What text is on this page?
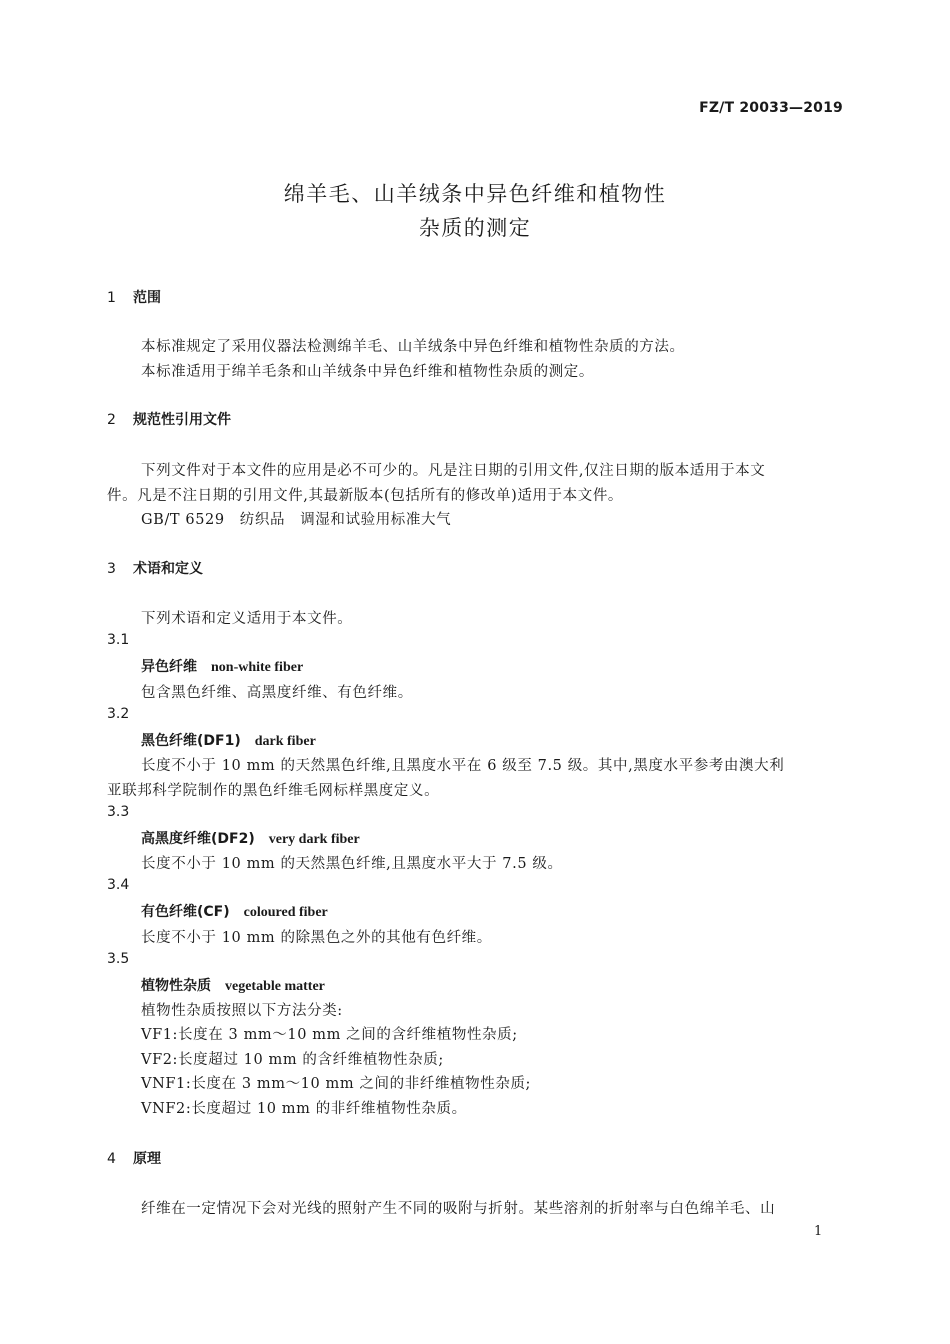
FZ/T 20033—2019
绵羊毛、山羊绒条中异色纤维和植物性
杂质的测定
1 范围
本标准规定了采用仪器法检测绵羊毛、山羊绒条中异色纤维和植物性杂质的方法。
本标准适用于绵羊毛条和山羊绒条中异色纤维和植物性杂质的测定。
2 规范性引用文件
下列文件对于本文件的应用是必不可少的。凡是注日期的引用文件,仅注日期的版本适用于本文
件。凡是不注日期的引用文件,其最新版本(包括所有的修改单)适用于本文件。
GB/T 6529　纺织品　调湿和试验用标准大气
3 术语和定义
下列术语和定义适用于本文件。
3.1
异色纤维 non-white fiber
包含黑色纤维、高黑度纤维、有色纤维。
3.2
黑色纤维(DF1) dark fiber
长度不小于 10 mm 的天然黑色纤维,且黑度水平在 6 级至 7.5 级。其中,黑度水平参考由澳大利
亚联邦科学院制作的黑色纤维毛网标样黑度定义。
3.3
高黑度纤维(DF2) very dark fiber
长度不小于 10 mm 的天然黑色纤维,且黑度水平大于 7.5 级。
3.4
有色纤维(CF) coloured fiber
长度不小于 10 mm 的除黑色之外的其他有色纤维。
3.5
植物性杂质 vegetable matter
植物性杂质按照以下方法分类:
VF1:长度在 3 mm～10 mm 之间的含纤维植物性杂质;
VF2:长度超过 10 mm 的含纤维植物性杂质;
VNF1:长度在 3 mm～10 mm 之间的非纤维植物性杂质;
VNF2:长度超过 10 mm 的非纤维植物性杂质。
4 原理
纤维在一定情况下会对光线的照射产生不同的吸附与折射。某些溶剂的折射率与白色绵羊毛、山
1
